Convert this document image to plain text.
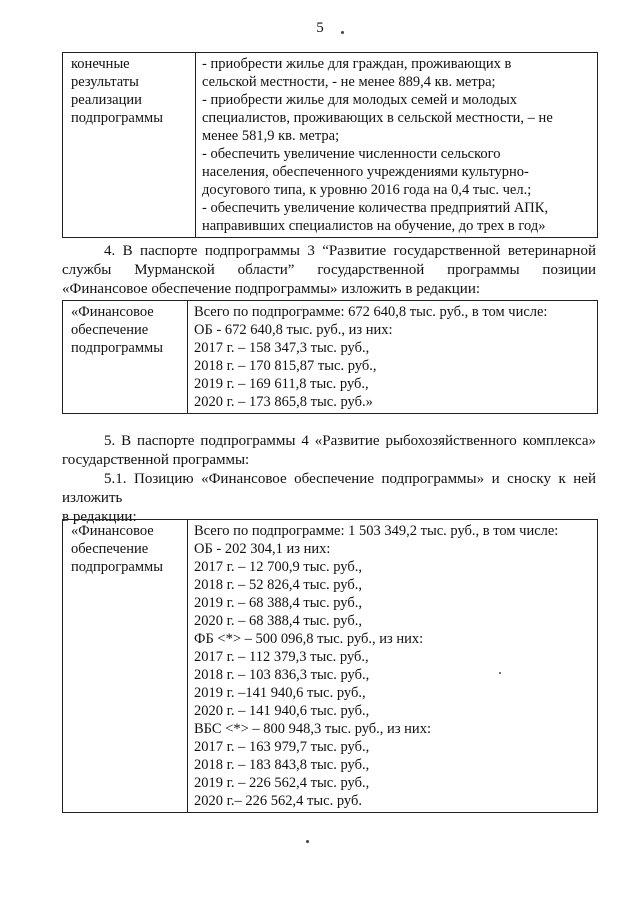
5
конечные
результаты
реализации
подпрограммы

- приобрести жилье для граждан, проживающих в
сельской местности, - не менее 889,4 кв. метра;
- приобрести жилье для молодых семей и молодых
специалистов, проживающих в сельской местности, – не
менее 581,9 кв. метра;
- обеспечить увеличение численности сельского
населения, обеспеченного учреждениями культурно-
досугового типа, к уровню 2016 года на 0,4 тыс. чел.;
- обеспечить увеличение количества предприятий АПК,
направивших специалистов на обучение, до трех в год»
4. В паспорте подпрограммы 3 “Развитие государственной ветеринарной
службы Мурманской области” государственной программы позиции
«Финансовое обеспечение подпрограммы» изложить в редакции:
«Финансовое
обеспечение
подпрограммы

Всего по подпрограмме: 672 640,8 тыс. руб., в том числе:
ОБ - 672 640,8 тыс. руб., из них:
2017 г. – 158 347,3 тыс. руб.,
2018 г. – 170 815,87 тыс. руб.,
2019 г. – 169 611,8 тыс. руб.,
2020 г. – 173 865,8 тыс. руб.»
5. В паспорте подпрограммы 4 «Развитие рыбохозяйственного комплекса»
государственной программы:
5.1. Позицию «Финансовое обеспечение подпрограммы» и сноску к ней
изложить
в редакции:
«Финансовое
обеспечение
подпрограммы

Всего по подпрограмме: 1 503 349,2 тыс. руб., в том числе:
ОБ - 202 304,1 из них:
2017 г. – 12 700,9 тыс. руб.,
2018 г. – 52 826,4 тыс. руб.,
2019 г. – 68 388,4 тыс. руб.,
2020 г. – 68 388,4 тыс. руб.,
ФБ <*> – 500 096,8 тыс. руб., из них:
2017 г. – 112 379,3 тыс. руб.,
2018 г. – 103 836,3 тыс. руб.,
2019 г. –141 940,6 тыс. руб.,
2020 г. – 141 940,6 тыс. руб.,
ВБС <*> – 800 948,3 тыс. руб., из них:
2017 г. – 163 979,7 тыс. руб.,
2018 г. – 183 843,8 тыс. руб.,
2019 г. – 226 562,4 тыс. руб.,
2020 г.– 226 562,4 тыс. руб.
